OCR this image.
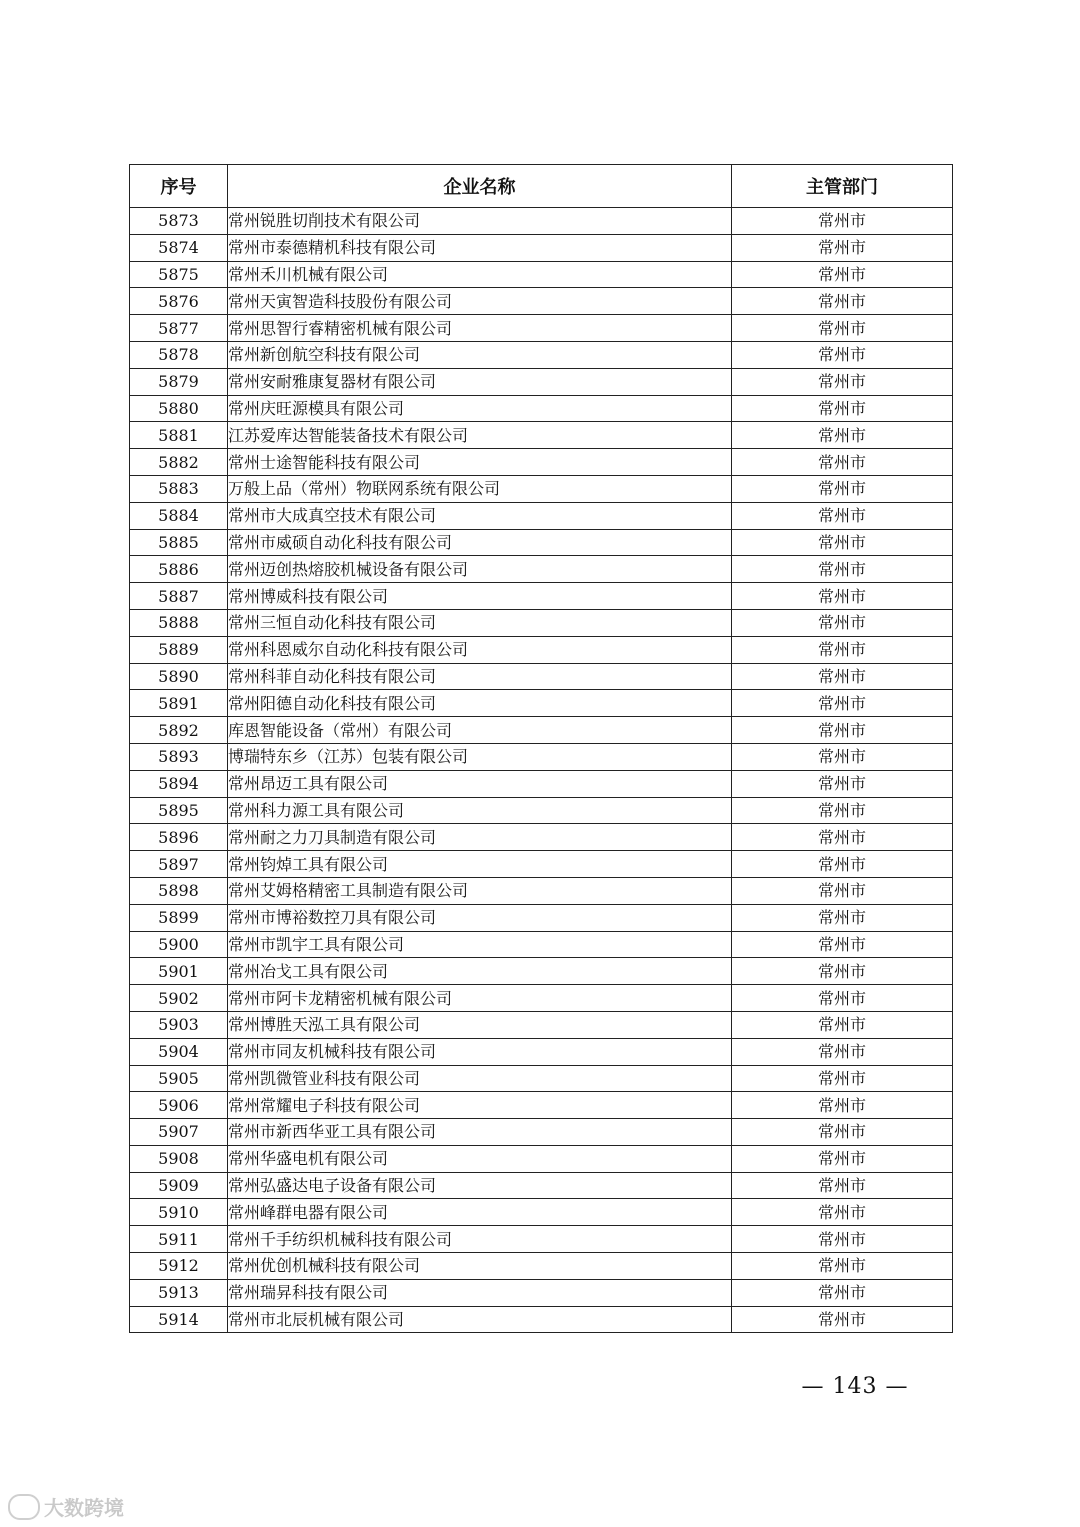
序号	企业名称	主管部门
5873	常州锐胜切削技术有限公司	常州市
5874	常州市泰德精机科技有限公司	常州市
5875	常州禾川机械有限公司	常州市
5876	常州天寅智造科技股份有限公司	常州市
5877	常州思智行睿精密机械有限公司	常州市
5878	常州新创航空科技有限公司	常州市
5879	常州安耐雅康复器材有限公司	常州市
5880	常州庆旺源模具有限公司	常州市
5881	江苏爱库达智能装备技术有限公司	常州市
5882	常州士途智能科技有限公司	常州市
5883	万般上品（常州）物联网系统有限公司	常州市
5884	常州市大成真空技术有限公司	常州市
5885	常州市威硕自动化科技有限公司	常州市
5886	常州迈创热熔胶机械设备有限公司	常州市
5887	常州博威科技有限公司	常州市
5888	常州三恒自动化科技有限公司	常州市
5889	常州科恩威尔自动化科技有限公司	常州市
5890	常州科菲自动化科技有限公司	常州市
5891	常州阳德自动化科技有限公司	常州市
5892	库恩智能设备（常州）有限公司	常州市
5893	博瑞特东乡（江苏）包装有限公司	常州市
5894	常州昂迈工具有限公司	常州市
5895	常州科力源工具有限公司	常州市
5896	常州耐之力刀具制造有限公司	常州市
5897	常州钧焯工具有限公司	常州市
5898	常州艾姆格精密工具制造有限公司	常州市
5899	常州市博裕数控刀具有限公司	常州市
5900	常州市凯宇工具有限公司	常州市
5901	常州冶戈工具有限公司	常州市
5902	常州市阿卡龙精密机械有限公司	常州市
5903	常州博胜天泓工具有限公司	常州市
5904	常州市同友机械科技有限公司	常州市
5905	常州凯微管业科技有限公司	常州市
5906	常州常耀电子科技有限公司	常州市
5907	常州市新西华亚工具有限公司	常州市
5908	常州华盛电机有限公司	常州市
5909	常州弘盛达电子设备有限公司	常州市
5910	常州峰群电器有限公司	常州市
5911	常州千手纺织机械科技有限公司	常州市
5912	常州优创机械科技有限公司	常州市
5913	常州瑞昇科技有限公司	常州市
5914	常州市北辰机械有限公司	常州市
— 143 —
大数跨境
